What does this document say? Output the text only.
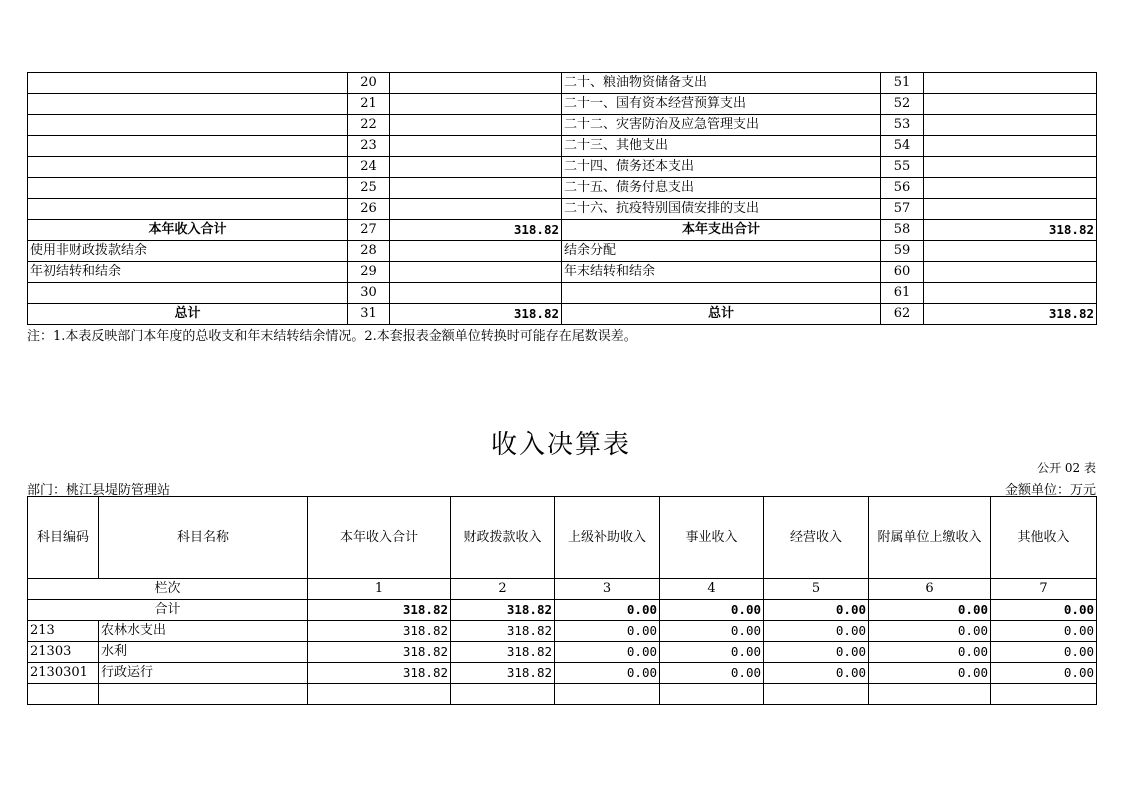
	20		二十、粮油物资储备支出	51	
	21		二十一、国有资本经营预算支出	52	
	22		二十二、灾害防治及应急管理支出	53	
	23		二十三、其他支出	54	
	24		二十四、债务还本支出	55	
	25		二十五、债务付息支出	56	
	26		二十六、抗疫特别国债安排的支出	57	
本年收入合计	27	318.82	本年支出合计	58	318.82
使用非财政拨款结余	28		结余分配	59	
年初结转和结余	29		年末结转和结余	60	
	30			61	
总计	31	318.82	总计	62	318.82
注：1.本表反映部门本年度的总收支和年末结转结余情况。2.本套报表金额单位转换时可能存在尾数误差。
收入决算表
公开 02 表
部门：桃江县堤防管理站	金额单位：万元
科目编码	科目名称	本年收入合计	财政拨款收入	上级补助收入	事业收入	经营收入	附属单位上缴收入	其他收入
栏次		1	2	3	4	5	6	7
合计		318.82	318.82	0.00	0.00	0.00	0.00	0.00
213	农林水支出	318.82	318.82	0.00	0.00	0.00	0.00	0.00
21303	水利	318.82	318.82	0.00	0.00	0.00	0.00	0.00
2130301	行政运行	318.82	318.82	0.00	0.00	0.00	0.00	0.00
